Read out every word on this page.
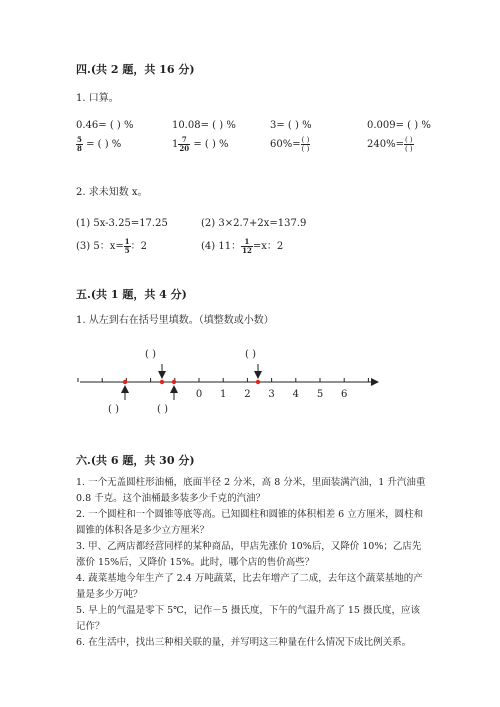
四.(共 2 题，共 16 分)
1. 口算。
0.46= ( ) %	10.08= ( ) %	3= ( ) %	0.009= ( ) %
$\frac{5}{8}$ = ( ) %	$1 \frac{7}{20}$ = ( ) %	$60\%= \frac{( )}{( )}$	$240\%= \frac{( )}{( )}$
2. 求未知数 x。
(1) 5x-3.25=17.25	(2) 3×2.7+2x=137.9
(3) 5：$x= \frac{1}{5}$ ：2	(4) 11： $\frac{1}{12} =x$：2
五.(共 1 题，共 4 分)
1. 从左到右在括号里填数。（填整数或小数）
( )	( )
( )	( )
0 1 2 3 4 5 6
六.(共 6 题，共 30 分)
1. 一个无盖圆柱形油桶，底面半径 2 分米，高 8 分米，里面装满汽油，1 升汽油重 0.8 千克。这个油桶最多装多少千克的汽油？
2. 一个圆柱和一个圆锥等底等高。已知圆柱和圆锥的体积相差 6 立方厘米，圆柱和圆锥的体积各是多少立方厘米？
3. 甲、乙两店都经营同样的某种商品，甲店先涨价 10%后，又降价 10%；乙店先涨价 15%后，又降价 15%。此时，哪个店的售价高些？
4. 蔬菜基地今年生产了 2.4 万吨蔬菜，比去年增产了二成，去年这个蔬菜基地的产量是多少万吨？
5. 早上的气温是零下 5℃，记作－5 摄氏度，下午的气温升高了 15 摄氏度，应该记作？
6. 在生活中，找出三种相关联的量，并写明这三种量在什么情况下成比例关系。
